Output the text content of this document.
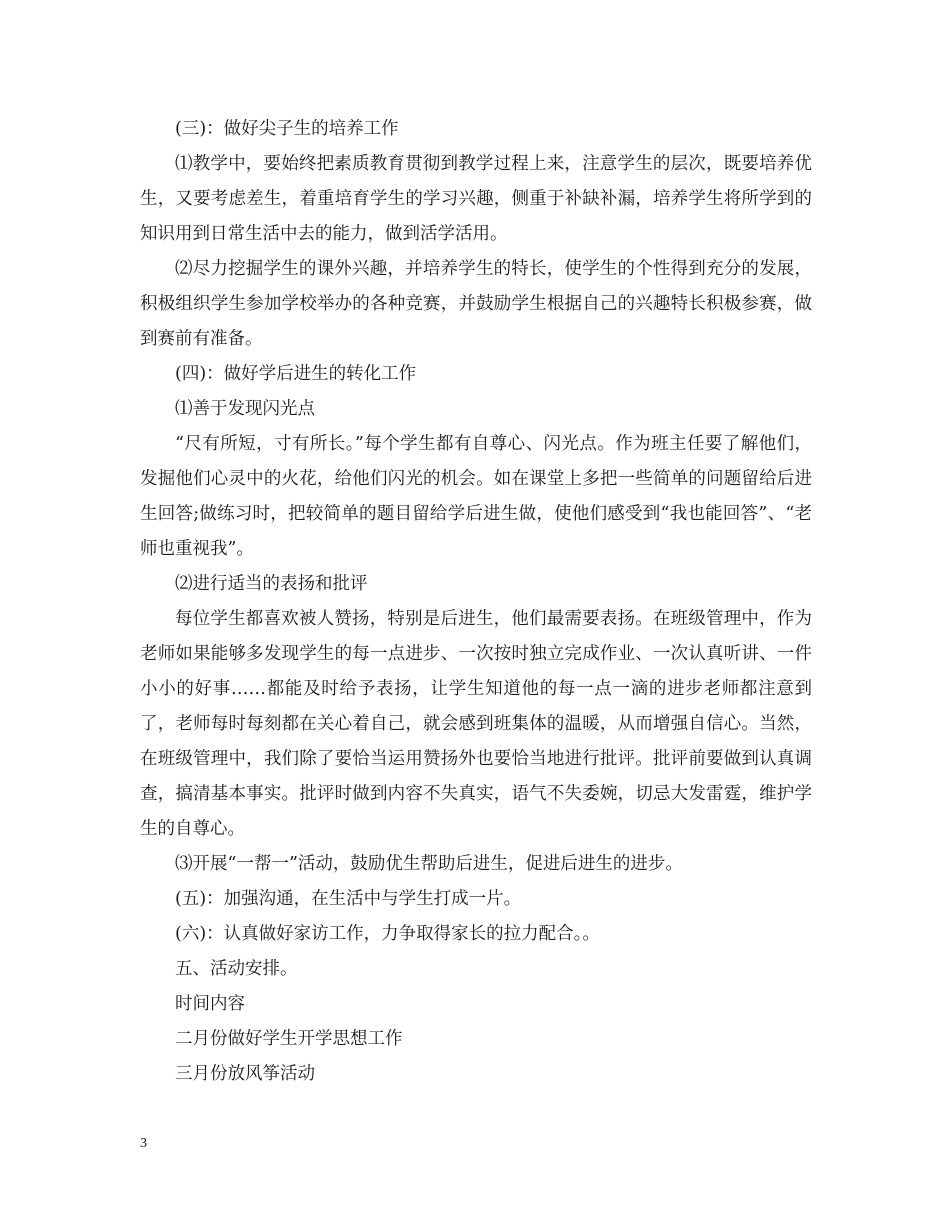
(三)：做好尖子生的培养工作

⑴教学中，要始终把素质教育贯彻到教学过程上来，注意学生的层次，既要培养优生，又要考虑差生，着重培育学生的学习兴趣，侧重于补缺补漏，培养学生将所学到的知识用到日常生活中去的能力，做到活学活用。

⑵尽力挖掘学生的课外兴趣，并培养学生的特长，使学生的个性得到充分的发展，积极组织学生参加学校举办的各种竞赛，并鼓励学生根据自己的兴趣特长积极参赛，做到赛前有准备。

(四)：做好学后进生的转化工作

⑴善于发现闪光点

“尺有所短，寸有所长。”每个学生都有自尊心、闪光点。作为班主任要了解他们，发掘他们心灵中的火花，给他们闪光的机会。如在课堂上多把一些简单的问题留给后进生回答;做练习时，把较简单的题目留给学后进生做，使他们感受到“我也能回答”、“老师也重视我”。

⑵进行适当的表扬和批评

每位学生都喜欢被人赞扬，特别是后进生，他们最需要表扬。在班级管理中，作为老师如果能够多发现学生的每一点进步、一次按时独立完成作业、一次认真听讲、一件小小的好事……都能及时给予表扬，让学生知道他的每一点一滴的进步老师都注意到了，老师每时每刻都在关心着自己，就会感到班集体的温暖，从而增强自信心。当然，在班级管理中，我们除了要恰当运用赞扬外也要恰当地进行批评。批评前要做到认真调查，搞清基本事实。批评时做到内容不失真实，语气不失委婉，切忌大发雷霆，维护学生的自尊心。

⑶开展“一帮一”活动，鼓励优生帮助后进生，促进后进生的进步。

(五)：加强沟通，在生活中与学生打成一片。

(六)：认真做好家访工作，力争取得家长的拉力配合。。

五、活动安排。

时间内容

二月份做好学生开学思想工作

三月份放风筝活动

3
